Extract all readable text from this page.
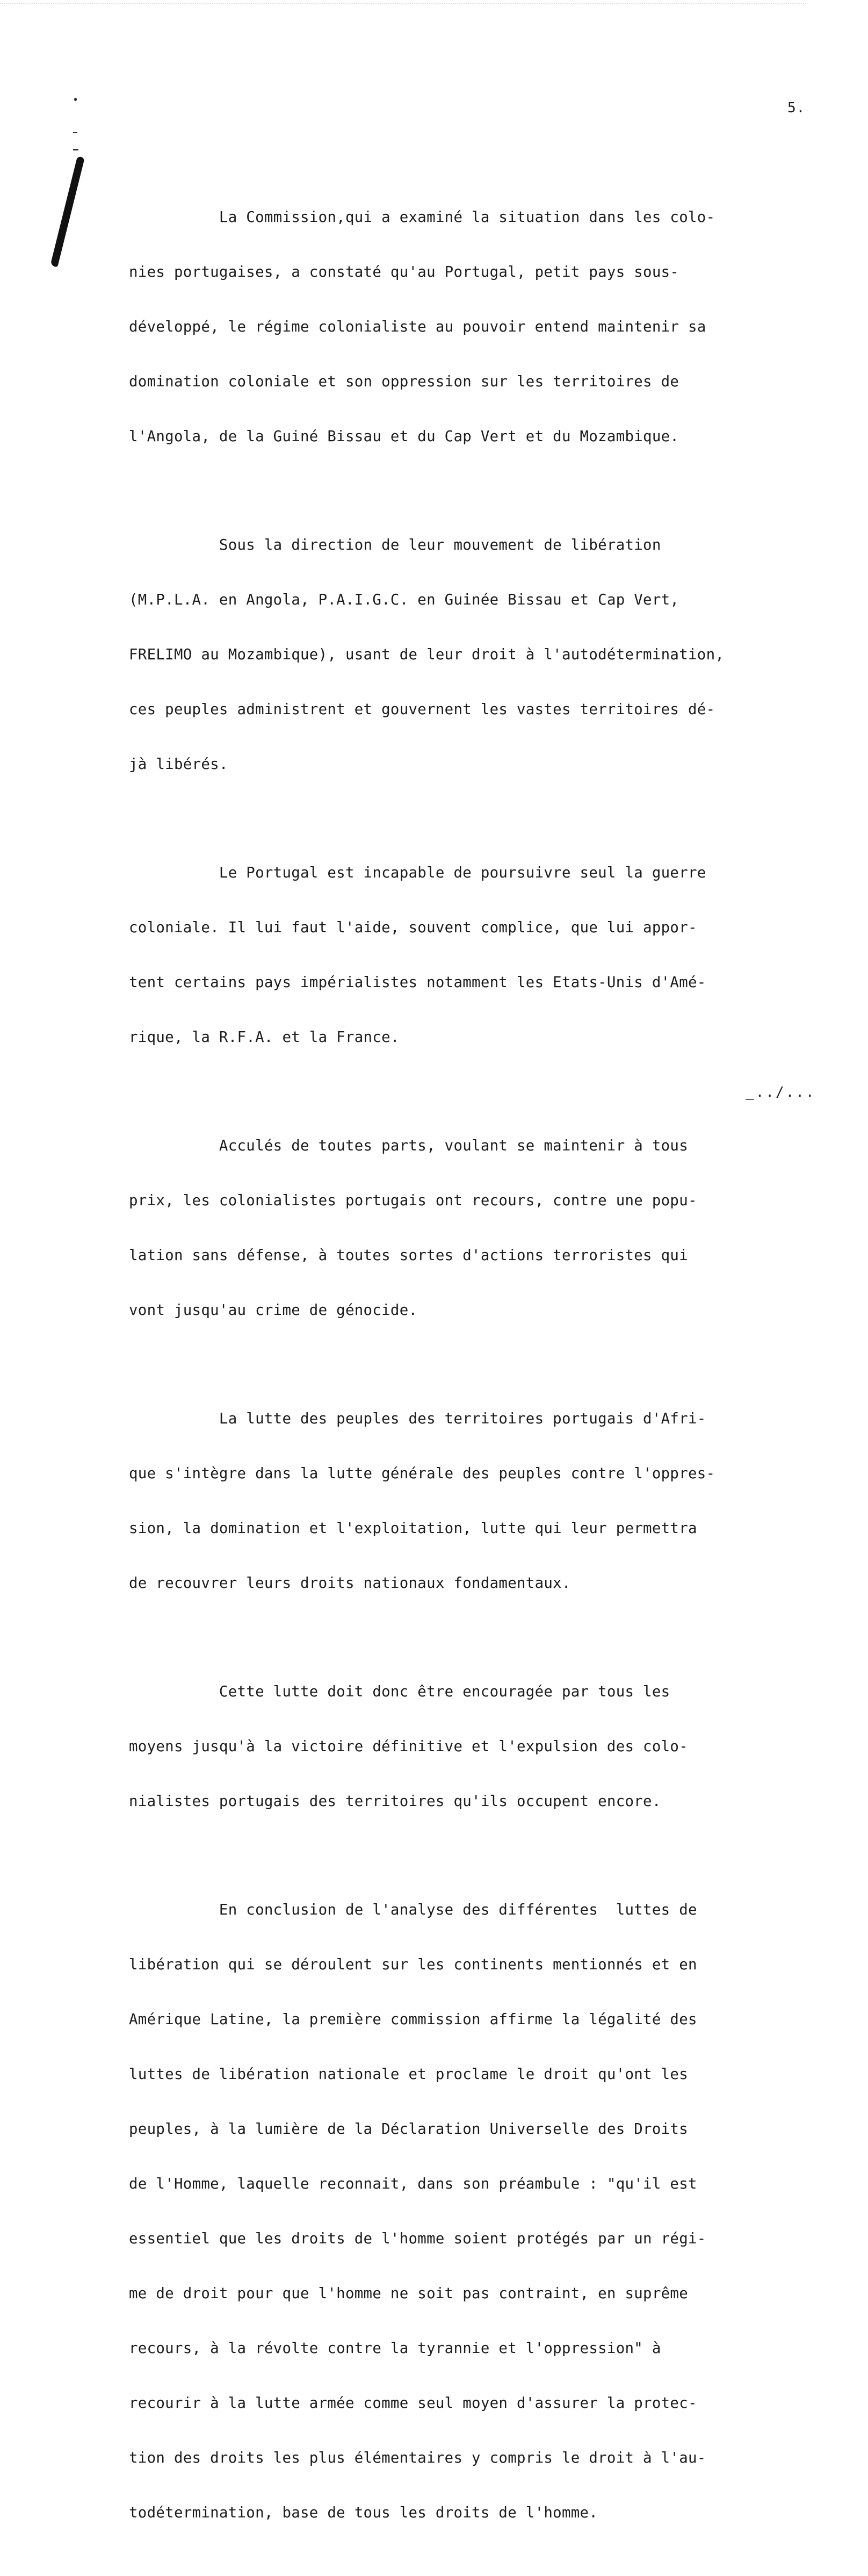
5.

La Commission,qui a examiné la situation dans les colo-

nies portugaises, a constaté qu'au Portugal, petit pays sous-

développé, le régime colonialiste au pouvoir entend maintenir sa

domination coloniale et son oppression sur les territoires de

l'Angola, de la Guiné Bissau et du Cap Vert et du Mozambique.

Sous la direction de leur mouvement de libération

(M.P.L.A. en Angola, P.A.I.G.C. en Guinée Bissau et Cap Vert,

FRELIMO au Mozambique), usant de leur droit à l'autodétermination,

ces peuples administrent et gouvernent les vastes territoires dé-

jà libérés.

Le Portugal est incapable de poursuivre seul la guerre

coloniale. Il lui faut l'aide, souvent complice, que lui appor-

tent certains pays impérialistes notamment les Etats-Unis d'Amé-

rique, la R.F.A. et la France.

Acculés de toutes parts, voulant se maintenir à tous

prix, les colonialistes portugais ont recours, contre une popu-

lation sans défense, à toutes sortes d'actions terroristes qui

vont jusqu'au crime de génocide.

La lutte des peuples des territoires portugais d'Afri-

que s'intègre dans la lutte générale des peuples contre l'oppres-

sion, la domination et l'exploitation, lutte qui leur permettra

de recouvrer leurs droits nationaux fondamentaux.

Cette lutte doit donc être encouragée par tous les

moyens jusqu'à la victoire définitive et l'expulsion des colo-

nialistes portugais des territoires qu'ils occupent encore.

En conclusion de l'analyse des différentes  luttes de

libération qui se déroulent sur les continents mentionnés et en

Amérique Latine, la première commission affirme la légalité des

luttes de libération nationale et proclame le droit qu'ont les

peuples, à la lumière de la Déclaration Universelle des Droits

de l'Homme, laquelle reconnait, dans son préambule : "qu'il est

essentiel que les droits de l'homme soient protégés par un régi-

me de droit pour que l'homme ne soit pas contraint, en suprême

recours, à la révolte contre la tyrannie et l'oppression" à

recourir à la lutte armée comme seul moyen d'assurer la protec-

tion des droits les plus élémentaires y compris le droit à l'au-

todétermination, base de tous les droits de l'homme.

_../...
